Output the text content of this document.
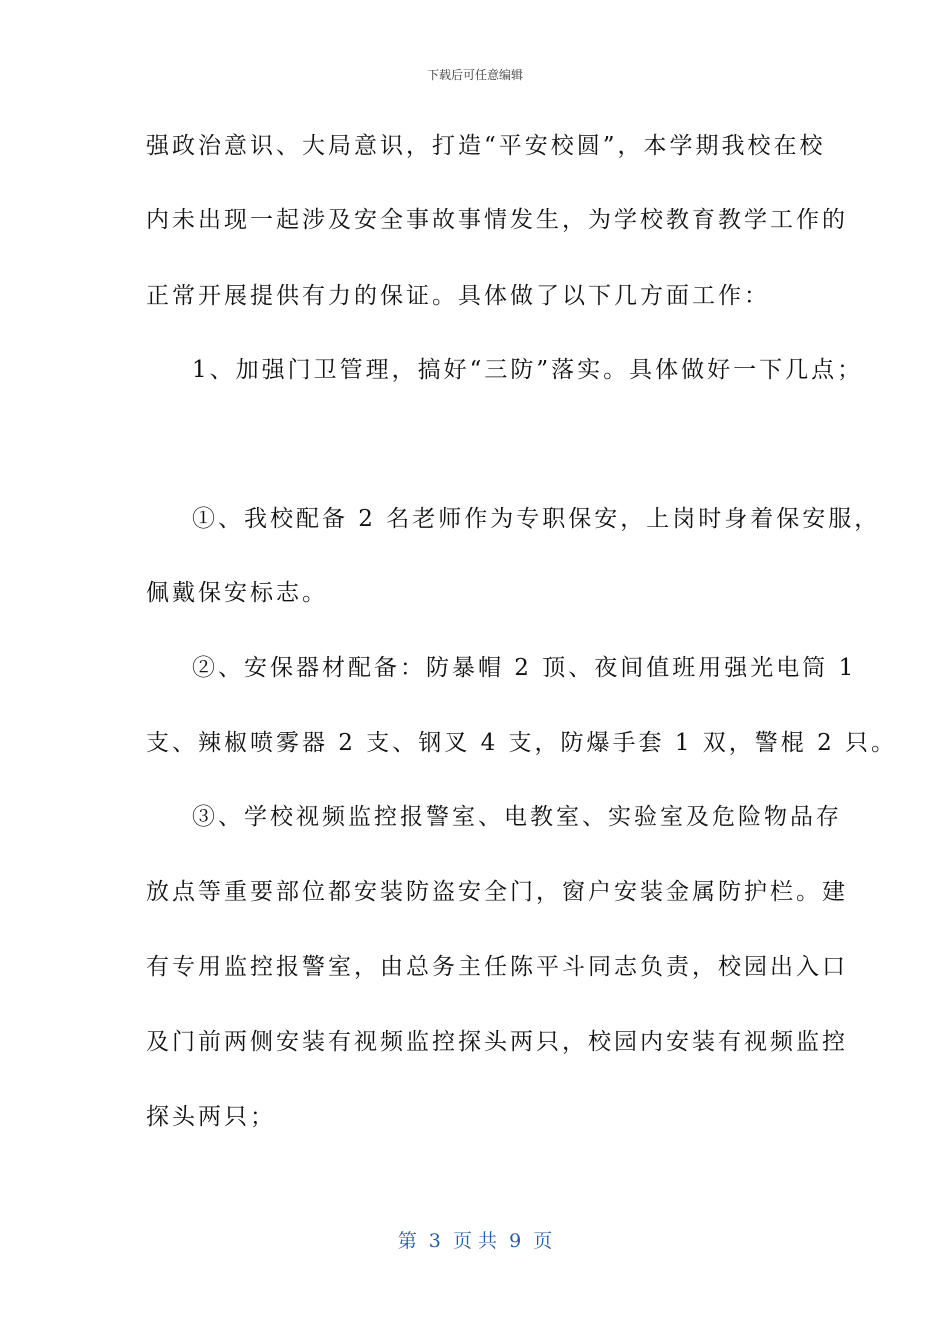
下载后可任意编辑
强政治意识、大局意识，打造“平安校圆”，本学期我校在校
内未出现一起涉及安全事故事情发生，为学校教育教学工作的
正常开展提供有力的保证。具体做了以下几方面工作：
1、加强门卫管理，搞好“三防”落实。具体做好一下几点；
①、我校配备 2 名老师作为专职保安，上岗时身着保安服，
佩戴保安标志。
②、安保器材配备：防暴帽 2 顶、夜间值班用强光电筒 1
支、辣椒喷雾器 2 支、钢叉 4 支，防爆手套 1 双，警棍 2 只。
③、学校视频监控报警室、电教室、实验室及危险物品存
放点等重要部位都安装防盗安全门，窗户安装金属防护栏。建
有专用监控报警室，由总务主任陈平斗同志负责，校园出入口
及门前两侧安装有视频监控探头两只，校园内安装有视频监控
探头两只；
第  3  页 共  9  页
